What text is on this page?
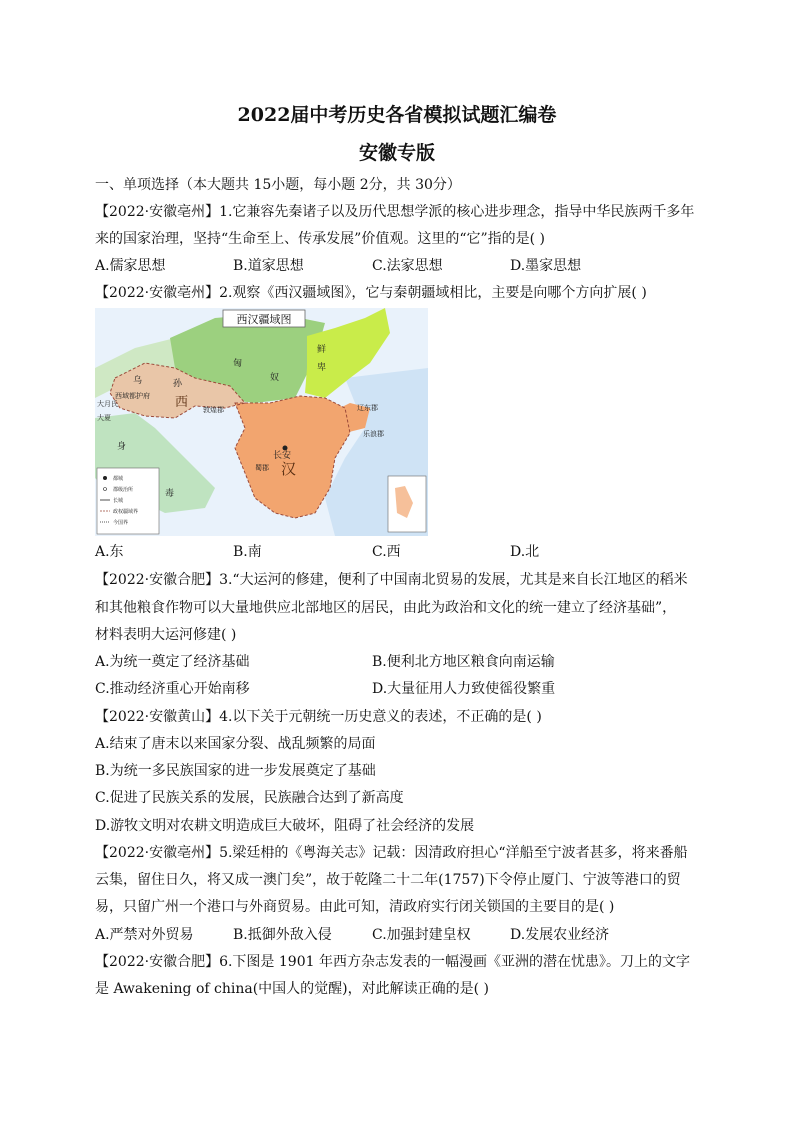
2022届中考历史各省模拟试题汇编卷
安徽专版
一、单项选择（本大题共 15小题，每小题 2分，共 30分）
【2022·安徽亳州】1.它兼容先秦诸子以及历代思想学派的核心进步理念，指导中华民族两千多年
来的国家治理，坚持“生命至上、传承发展”价值观。这里的“它”指的是( )
A.儒家思想	B.道家思想	C.法家思想	D.墨家思想
【2022·安徽亳州】2.观察《西汉疆域图》，它与秦朝疆域相比，主要是向哪个方向扩展( )
西汉疆域图
鲜
卑
匈
奴
乌	孙
西域都护府 西 敦煌郡
大月氏
大夏
身
毒
长安
汉
蜀郡
辽东郡
乐浪郡
都城
郡级治所
长城
政权疆域界
今国界
A.东	B.南	C.西	D.北
【2022·安徽合肥】3.“大运河的修建，便利了中国南北贸易的发展，尤其是来自长江地区的稻米
和其他粮食作物可以大量地供应北部地区的居民，由此为政治和文化的统一建立了经济基础”，
材料表明大运河修建( )
A.为统一奠定了经济基础	B.便利北方地区粮食向南运输
C.推动经济重心开始南移	D.大量征用人力致使徭役繁重
【2022·安徽黄山】4.以下关于元朝统一历史意义的表述，不正确的是( )
A.结束了唐末以来国家分裂、战乱频繁的局面
B.为统一多民族国家的进一步发展奠定了基础
C.促进了民族关系的发展，民族融合达到了新高度
D.游牧文明对农耕文明造成巨大破坏，阻碍了社会经济的发展
【2022·安徽亳州】5.梁廷枏的《粤海关志》记载：因清政府担心“洋船至宁波者甚多，将来番船
云集，留住日久，将又成一澳门矣”，故于乾隆二十二年(1757)下令停止厦门、宁波等港口的贸
易，只留广州一个港口与外商贸易。由此可知，清政府实行闭关锁国的主要目的是( )
A.严禁对外贸易	B.抵御外敌入侵	C.加强封建皇权	D.发展农业经济
【2022·安徽合肥】6.下图是 1901 年西方杂志发表的一幅漫画《亚洲的潜在忧患》。刀上的文字
是 Awakening of china(中国人的觉醒)，对此解读正确的是( )
